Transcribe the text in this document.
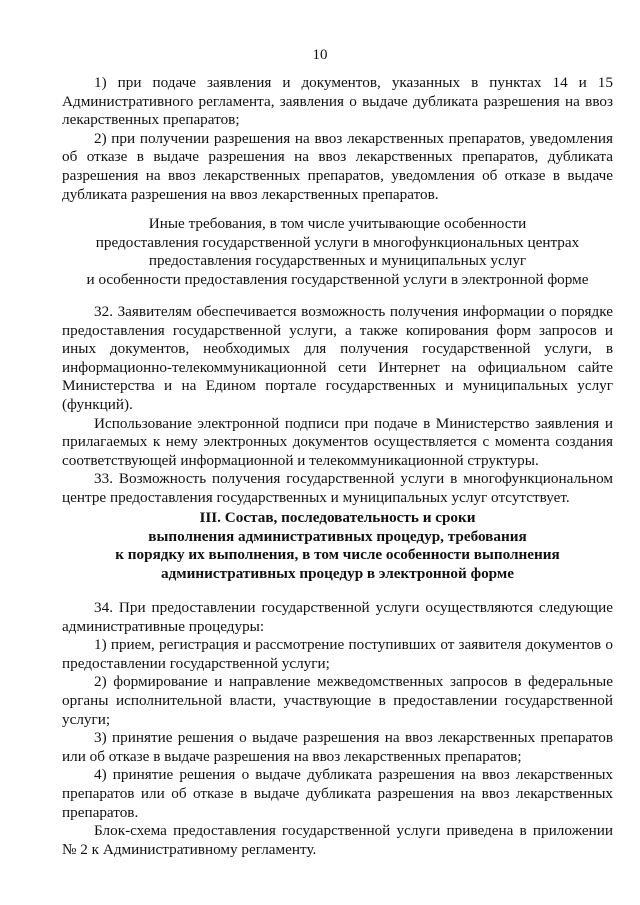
10

1) при подаче заявления и документов, указанных в пунктах 14 и 15 Административного регламента, заявления о выдаче дубликата разрешения на ввоз лекарственных препаратов;

2) при получении разрешения на ввоз лекарственных препаратов, уведомления об отказе в выдаче разрешения на ввоз лекарственных препаратов, дубликата разрешения на ввоз лекарственных препаратов, уведомления об отказе в выдаче дубликата разрешения на ввоз лекарственных препаратов.

Иные требования, в том числе учитывающие особенности

предоставления государственной услуги в многофункциональных центрах

предоставления государственных и муниципальных услуг

и особенности предоставления государственной услуги в электронной форме

32. Заявителям обеспечивается возможность получения информации о порядке предоставления государственной услуги, а также копирования форм запросов и иных документов, необходимых для получения государственной услуги, в информационно-телекоммуникационной сети Интернет на официальном сайте Министерства и на Едином портале государственных и муниципальных услуг (функций).

Использование электронной подписи при подаче в Министерство заявления и прилагаемых к нему электронных документов осуществляется с момента создания соответствующей информационной и телекоммуникационной структуры.

33. Возможность получения государственной услуги в многофункциональном центре предоставления государственных и муниципальных услуг отсутствует.

III. Состав, последовательность и сроки

выполнения административных процедур, требования

к порядку их выполнения, в том числе особенности выполнения

административных процедур в электронной форме

34. При предоставлении государственной услуги осуществляются следующие административные процедуры:

1) прием, регистрация и рассмотрение поступивших от заявителя документов о предоставлении государственной услуги;

2) формирование и направление межведомственных запросов в федеральные органы исполнительной власти, участвующие в предоставлении государственной услуги;

3) принятие решения о выдаче разрешения на ввоз лекарственных препаратов или об отказе в выдаче разрешения на ввоз лекарственных препаратов;

4) принятие решения о выдаче дубликата разрешения на ввоз лекарственных препаратов или об отказе в выдаче дубликата разрешения на ввоз лекарственных препаратов.

Блок-схема предоставления государственной услуги приведена в приложении № 2 к Административному регламенту.
